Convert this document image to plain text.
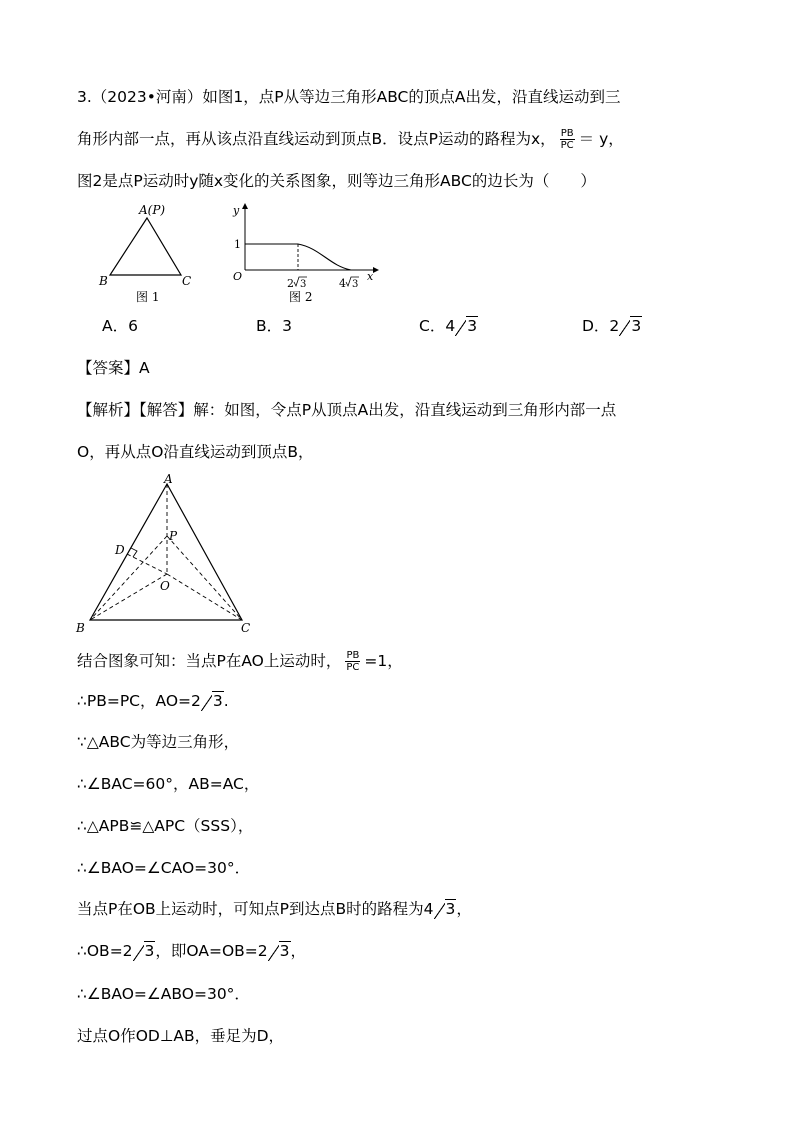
3.（2023•河南）如图1，点P从等边三角形ABC的顶点A出发，沿直线运动到三
角形内部一点，再从该点沿直线运动到顶点B．设点P运动的路程为x， $\frac{PB}{PC} = y$，
图2是点P运动时y随x变化的关系图象，则等边三角形ABC的边长为（　　）
A(P)
B	C
图 1
y
x
O
1
2 3	4 3
图 2
A．6	B．3	C．4 3	D．2 3
【答案】A
【解析】【解答】解：如图，令点P从顶点A出发，沿直线运动到三角形内部一点
O，再从点O沿直线运动到顶点B，
A
B	C
D
P
O
结合图象可知：当点P在AO上运动时， $\frac{PB}{PC} =1$，
∴PB=PC，AO=2 3.
∵△ABC为等边三角形，
∴∠BAC=60°，AB=AC，
∴△APB≌△APC（SSS），
∴∠BAO=∠CAO=30°．
当点P在OB上运动时，可知点P到达点B时的路程为4 3，
∴OB=2 3，即OA=OB=2 3，
∴∠BAO=∠ABO=30°．
过点O作OD⊥AB，垂足为D，
